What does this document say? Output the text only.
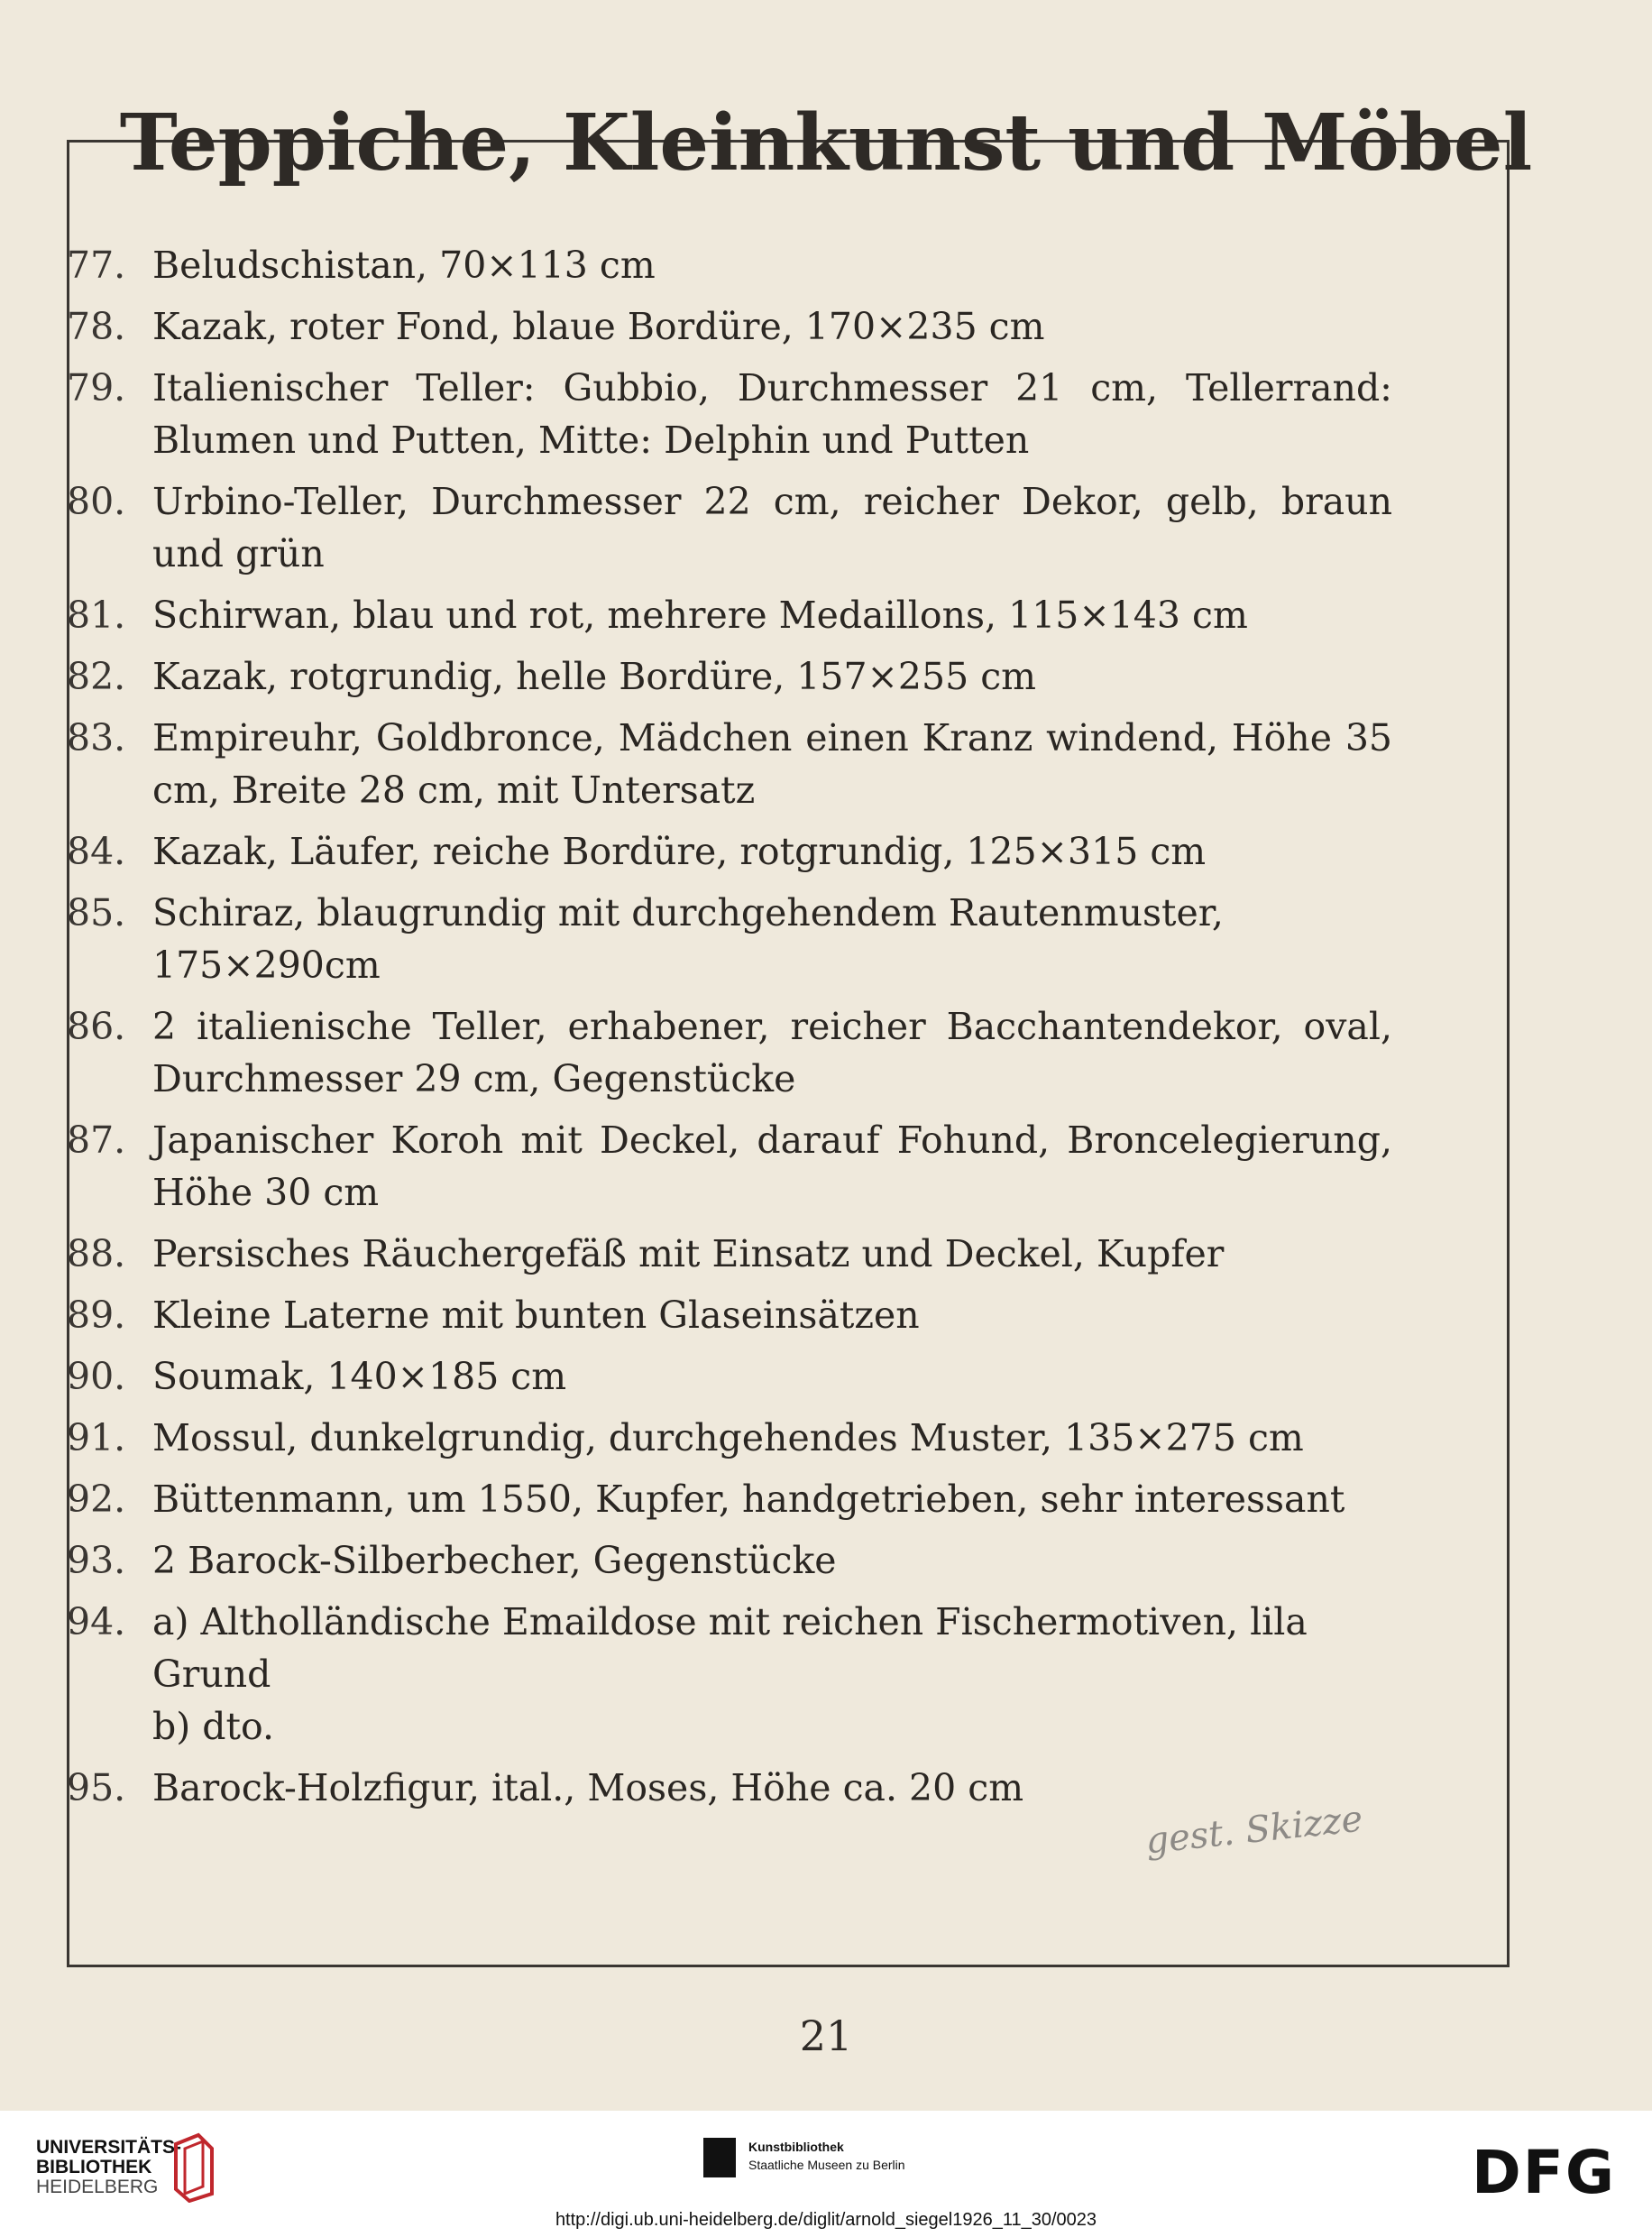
Teppiche, Kleinkunst und Möbel
77. Beludschistan, 70×113 cm
78. Kazak, roter Fond, blaue Bordüre, 170×235 cm
79. Italienischer Teller: Gubbio, Durchmesser 21 cm, Tellerrand: Blumen und Putten, Mitte: Delphin und Putten
80. Urbino-Teller, Durchmesser 22 cm, reicher Dekor, gelb, braun und grün
81. Schirwan, blau und rot, mehrere Medaillons, 115×143 cm
82. Kazak, rotgrundig, helle Bordüre, 157×255 cm
83. Empireuhr, Goldbronce, Mädchen einen Kranz windend, Höhe 35 cm, Breite 28 cm, mit Untersatz
84. Kazak, Läufer, reiche Bordüre, rotgrundig, 125×315 cm
85. Schiraz, blaugrundig mit durchgehendem Rautenmuster, 175×290cm
86. 2 italienische Teller, erhabener, reicher Bacchantendekor, oval, Durchmesser 29 cm, Gegenstücke
87. Japanischer Koroh mit Deckel, darauf Fohund, Broncelegierung, Höhe 30 cm
88. Persisches Räuchergefäß mit Einsatz und Deckel, Kupfer
89. Kleine Laterne mit bunten Glaseinsätzen
90. Soumak, 140×185 cm
91. Mossul, dunkelgrundig, durchgehendes Muster, 135×275 cm
92. Büttenmann, um 1550, Kupfer, handgetrieben, sehr interessant
93. 2 Barock-Silberbecher, Gegenstücke
94. a) Altholländische Emaildose mit reichen Fischermotiven, lila Grund
b) dto.
95. Barock-Holzfigur, ital., Moses, Höhe ca. 20 cm
gest. Skizze
21
UNIVERSITÄTS-
BIBLIOTHEK
HEIDELBERG
Kunstbibliothek
Staatliche Museen zu Berlin	DFG
http://digi.ub.uni-heidelberg.de/diglit/arnold_siegel1926_11_30/0023
